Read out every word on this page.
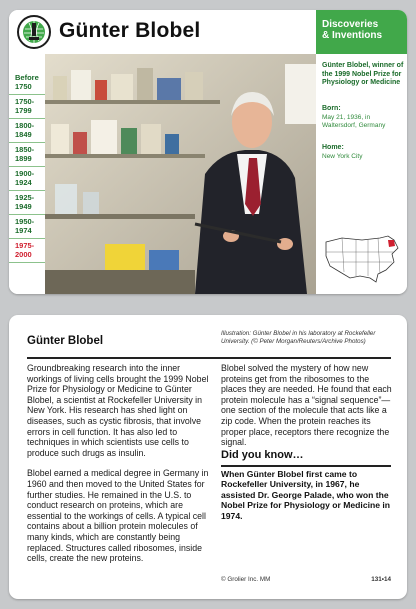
Günter Blobel
Before
1750
1750-
1799
1800-
1849
1850-
1899
1900-
1924
1925-
1949
1950-
1974
1975-
2000
Discoveries
& Inventions
Günter Blobel, winner of the 1999 Nobel Prize for Physiology or Medicine
Born:
May 21, 1936, in Waltersdorf, Germany
Home:
New York City
Günter Blobel
Illustration: Günter Blobel in his laboratory at Rockefeller University. (© Peter Morgan/Reuters/Archive Photos)

Groundbreaking research into the inner workings of living cells brought the 1999 Nobel Prize for Physiology or Medicine to Günter Blobel, a scientist at Rockefeller University in New York. His research has shed light on diseases, such as cystic fibrosis, that involve errors in cell function. It has also led to techniques in which scientists use cells to produce such drugs as insulin.

Blobel earned a medical degree in Germany in 1960 and then moved to the United States for further studies. He remained in the U.S. to conduct research on proteins, which are essential to the workings of cells. A typical cell contains about a billion protein molecules of many kinds, which are constantly being replaced. Structures called ribosomes, inside cells, create the new proteins.

Blobel solved the mystery of how new proteins get from the ribosomes to the places they are needed. He found that each protein molecule has a “signal sequence”—one section of the molecule that acts like a zip code. When the protein reaches its proper place, receptors there recognize the signal.

Did you know…
When Günter Blobel first came to Rockefeller University, in 1967, he assisted Dr. George Palade, who won the Nobel Prize for Physiology or Medicine in 1974.
© Grolier Inc. MM	131•14
